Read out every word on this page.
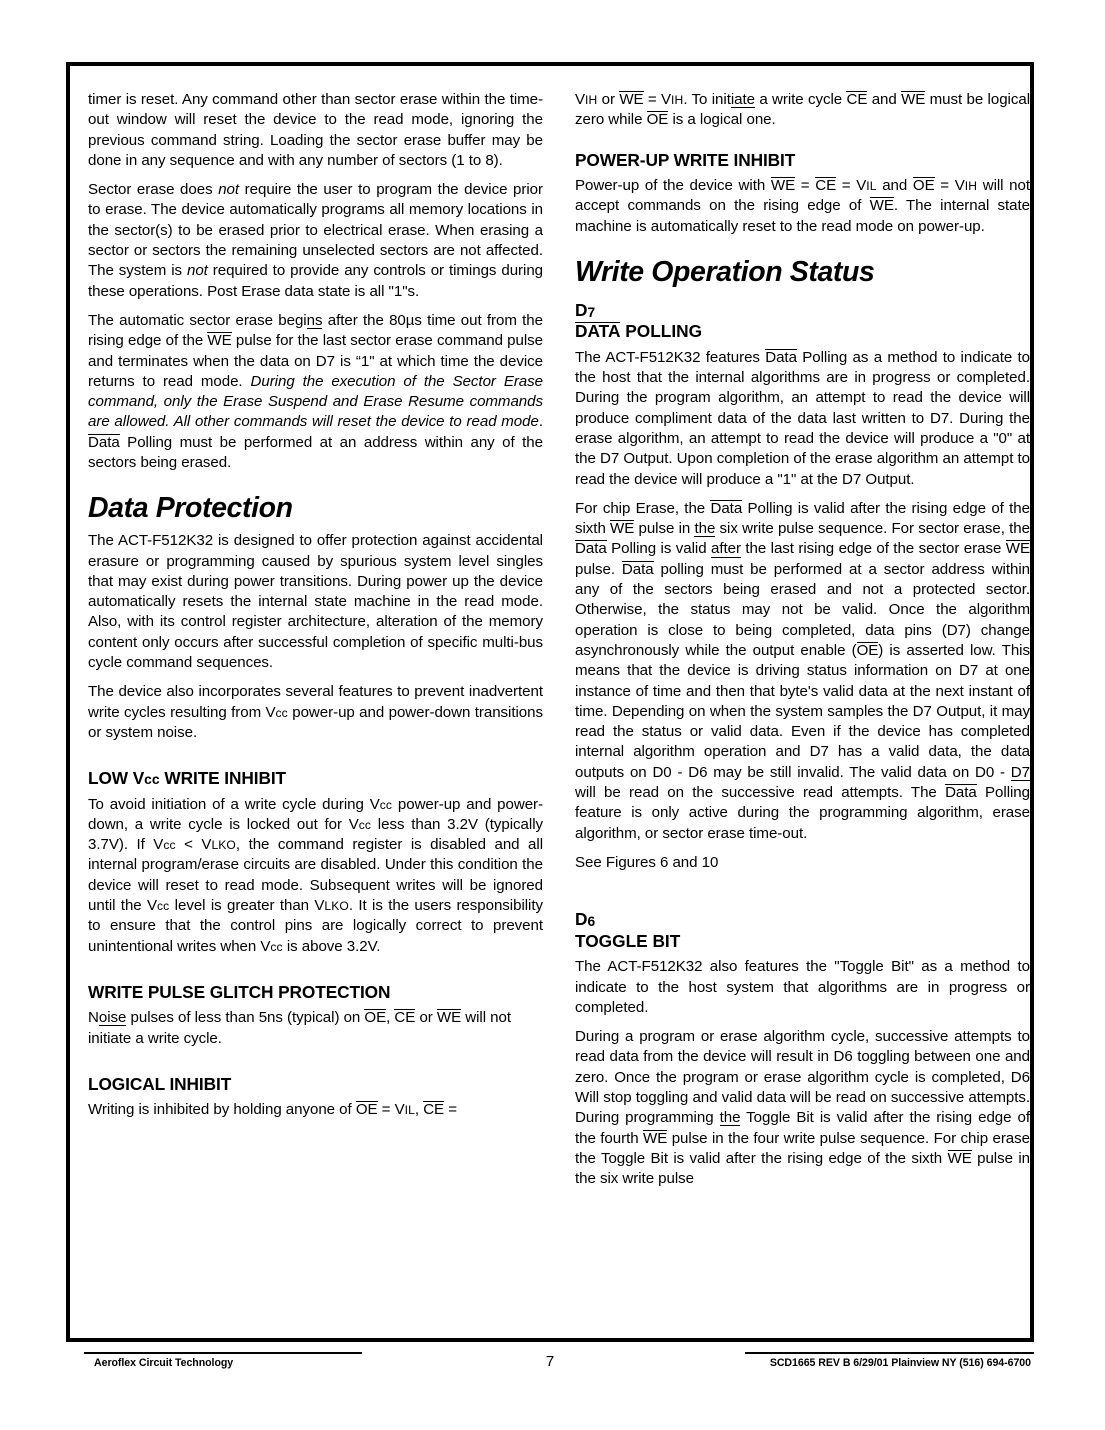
timer is reset. Any command other than sector erase within the time-out window will reset the device to the read mode, ignoring the previous command string. Loading the sector erase buffer may be done in any sequence and with any number of sectors (1 to 8).

Sector erase does not require the user to program the device prior to erase. The device automatically programs all memory locations in the sector(s) to be erased prior to electrical erase. When erasing a sector or sectors the remaining unselected sectors are not affected. The system is not required to provide any controls or timings during these operations. Post Erase data state is all "1"s.

The automatic sector erase begins after the 80µs time out from the rising edge of the WE pulse for the last sector erase command pulse and terminates when the data on D7 is “1" at which time the device returns to read mode. During the execution of the Sector Erase command, only the Erase Suspend and Erase Resume commands are allowed. All other commands will reset the device to read mode. Data Polling must be performed at an address within any of the sectors being erased.

Data Protection

The ACT-F512K32 is designed to offer protection against accidental erasure or programming caused by spurious system level singles that may exist during power transitions. During power up the device automatically resets the internal state machine in the read mode. Also, with its control register architecture, alteration of the memory content only occurs after successful completion of specific multi-bus cycle command sequences.

The device also incorporates several features to prevent inadvertent write cycles resulting from Vcc power-up and power-down transitions or system noise.

LOW Vcc WRITE INHIBIT

To avoid initiation of a write cycle during Vcc power-up and power-down, a write cycle is locked out for Vcc less than 3.2V (typically 3.7V). If Vcc < VLKO, the command register is disabled and all internal program/erase circuits are disabled. Under this condition the device will reset to read mode. Subsequent writes will be ignored until the Vcc level is greater than VLKO. It is the users responsibility to ensure that the control pins are logically correct to prevent unintentional writes when Vcc is above 3.2V.

WRITE PULSE GLITCH PROTECTION

Noise pulses of less than 5ns (typical) on OE, CE or WE will not initiate a write cycle.

LOGICAL INHIBIT

Writing is inhibited by holding anyone of OE = VIL, CE =

VIH or WE = VIH. To initiate a write cycle CE and WE must be logical zero while OE is a logical one.

POWER-UP WRITE INHIBIT

Power-up of the device with WE = CE = VIL and OE = VIH will not accept commands on the rising edge of WE. The internal state machine is automatically reset to the read mode on power-up.

Write Operation Status
D7
DATA POLLING

The ACT-F512K32 features Data Polling as a method to indicate to the host that the internal algorithms are in progress or completed. During the program algorithm, an attempt to read the device will produce compliment data of the data last written to D7. During the erase algorithm, an attempt to read the device will produce a "0" at the D7 Output. Upon completion of the erase algorithm an attempt to read the device will produce a "1" at the D7 Output.

For chip Erase, the Data Polling is valid after the rising edge of the sixth WE pulse in the six write pulse sequence. For sector erase, the Data Polling is valid after the last rising edge of the sector erase WE pulse. Data polling must be performed at a sector address within any of the sectors being erased and not a protected sector. Otherwise, the status may not be valid. Once the algorithm operation is close to being completed, data pins (D7) change asynchronously while the output enable (OE) is asserted low. This means that the device is driving status information on D7 at one instance of time and then that byte's valid data at the next instant of time. Depending on when the system samples the D7 Output, it may read the status or valid data. Even if the device has completed internal algorithm operation and D7 has a valid data, the data outputs on D0 - D6 may be still invalid. The valid data on D0 - D7 will be read on the successive read attempts. The Data Polling feature is only active during the programming algorithm, erase algorithm, or sector erase time-out.

See Figures 6 and 10

D6
TOGGLE BIT

The ACT-F512K32 also features the "Toggle Bit" as a method to indicate to the host system that algorithms are in progress or completed.

During a program or erase algorithm cycle, successive attempts to read data from the device will result in D6 toggling between one and zero. Once the program or erase algorithm cycle is completed, D6 Will stop toggling and valid data will be read on successive attempts. During programming the Toggle Bit is valid after the rising edge of the fourth WE pulse in the four write pulse sequence. For chip erase the Toggle Bit is valid after the rising edge of the sixth WE pulse in the six write pulse

Aeroflex Circuit Technology	7	SCD1665 REV B 6/29/01 Plainview NY (516) 694-6700
